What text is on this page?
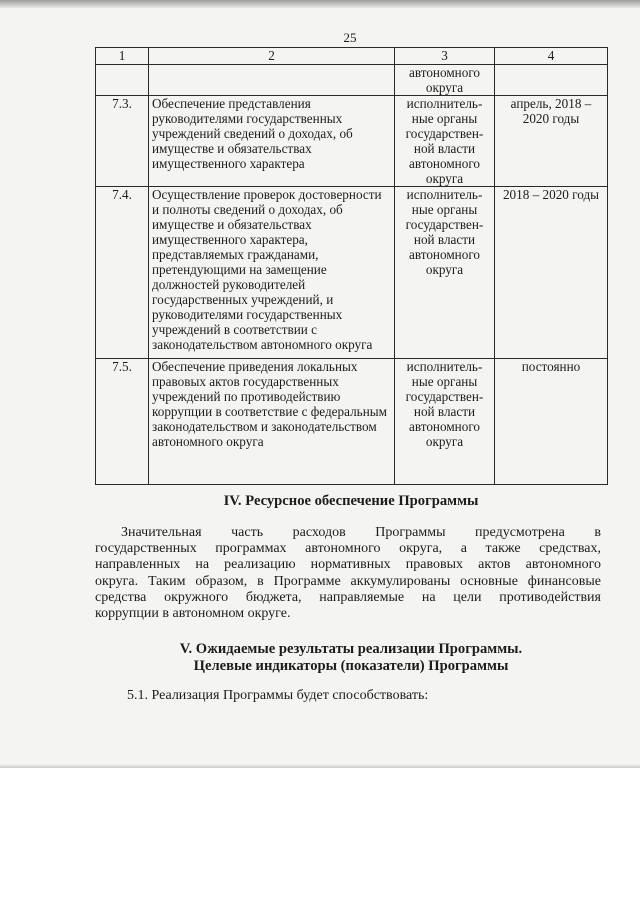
25
1	2	3	4
		автономного округа	
7.3.	Обеспечение представления руководителями государственных учреждений сведений о доходах, об имуществе и обязательствах имущественного характера	исполнитель-ные органы государствен-ной власти автономного округа	апрель, 2018 – 2020 годы
7.4.	Осуществление проверок достоверности и полноты сведений о доходах, об имуществе и обязательствах имущественного характера, представляемых гражданами, претендующими на замещение должностей руководителей государственных учреждений, и руководителями государственных учреждений в соответствии с законодательством автономного округа	исполнитель-ные органы государствен-ной власти автономного округа	2018 – 2020 годы
7.5.	Обеспечение приведения локальных правовых актов государственных учреждений по противодействию коррупции в соответствие с федеральным законодательством и законодательством автономного округа	исполнитель-ные органы государствен-ной власти автономного округа	постоянно
IV. Ресурсное обеспечение Программы
Значительная часть расходов Программы предусмотрена в
государственных программах автономного округа, а также средствах,
направленных на реализацию нормативных правовых актов автономного
округа. Таким образом, в Программе аккумулированы основные финансовые
средства окружного бюджета, направляемые на цели противодействия
коррупции в автономном округе.
V. Ожидаемые результаты реализации Программы.
Целевые индикаторы (показатели) Программы
5.1. Реализация Программы будет способствовать:
